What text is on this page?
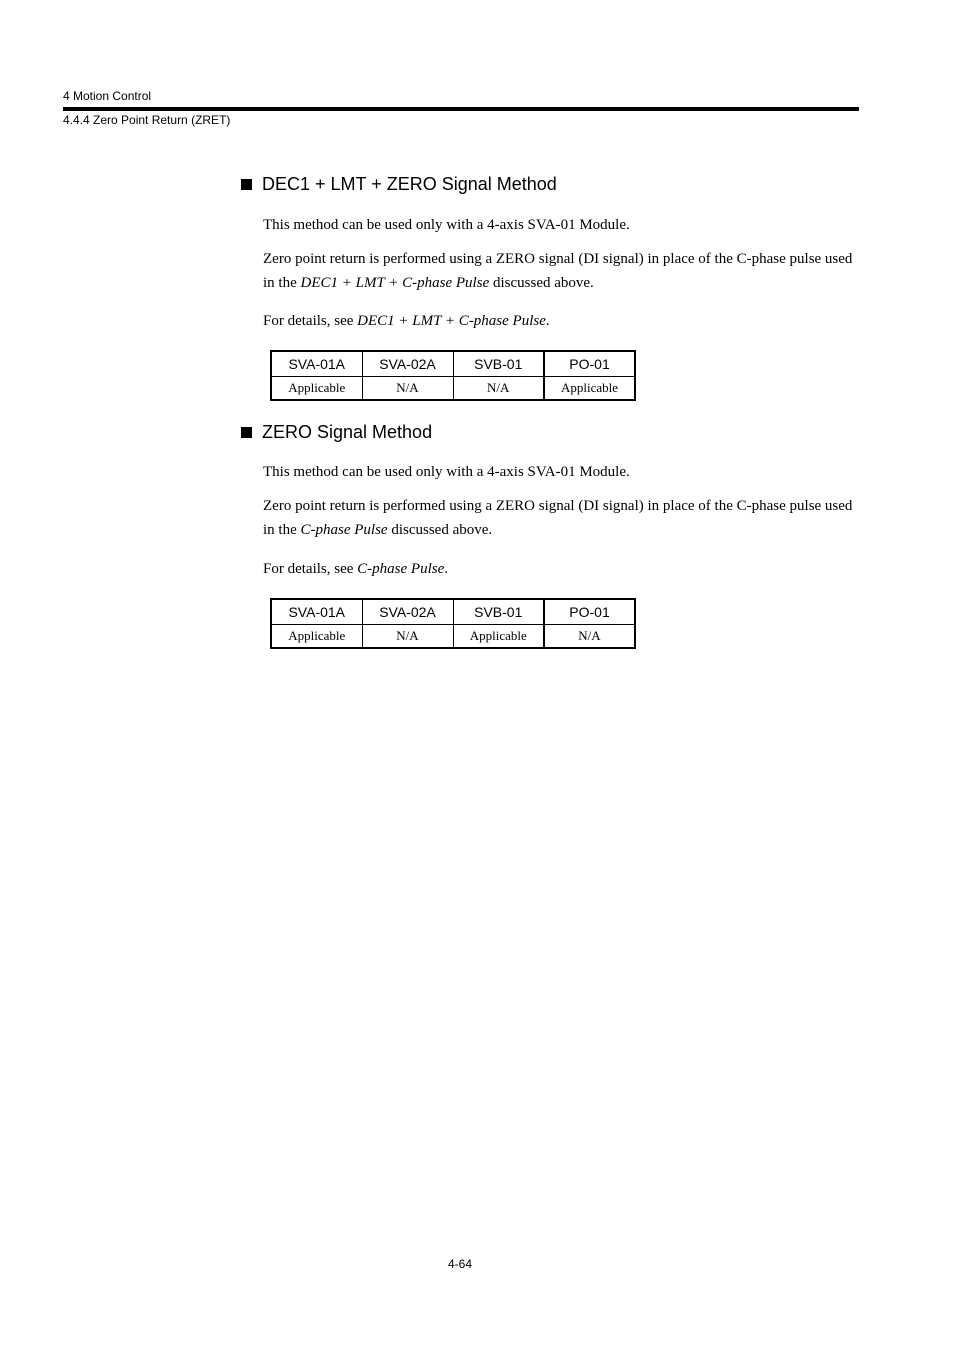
4 Motion Control
4.4.4 Zero Point Return (ZRET)
DEC1 + LMT + ZERO Signal Method
This method can be used only with a 4-axis SVA-01 Module.
Zero point return is performed using a ZERO signal (DI signal) in place of the C-phase pulse used in the DEC1 + LMT + C-phase Pulse discussed above.
For details, see DEC1 + LMT + C-phase Pulse.
SVA-01A	SVA-02A	SVB-01	PO-01
Applicable	N/A	N/A	Applicable
ZERO Signal Method
This method can be used only with a 4-axis SVA-01 Module.
Zero point return is performed using a ZERO signal (DI signal) in place of the C-phase pulse used in the C-phase Pulse discussed above.
For details, see C-phase Pulse.
SVA-01A	SVA-02A	SVB-01	PO-01
Applicable	N/A	Applicable	N/A
4-64
